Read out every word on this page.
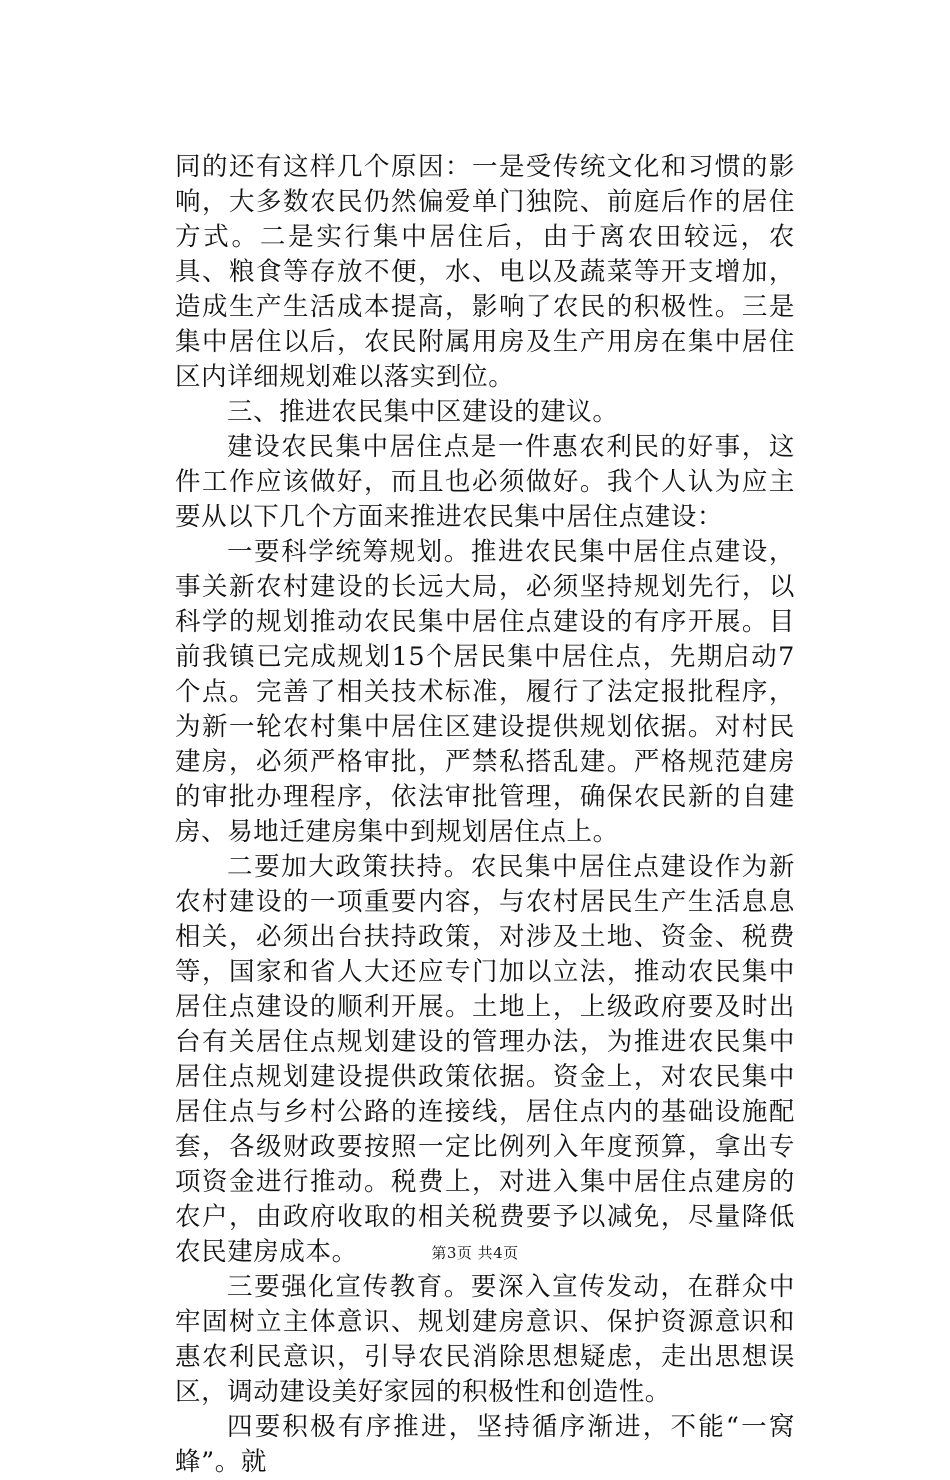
同的还有这样几个原因：一是受传统文化和习惯的影响，大多数农民仍然偏爱单门独院、前庭后作的居住方式。二是实行集中居住后，由于离农田较远，农具、粮食等存放不便，水、电以及蔬菜等开支增加，造成生产生活成本提高，影响了农民的积极性。三是集中居住以后，农民附属用房及生产用房在集中居住区内详细规划难以落实到位。

三、推进农民集中区建设的建议。

建设农民集中居住点是一件惠农利民的好事，这件工作应该做好，而且也必须做好。我个人认为应主要从以下几个方面来推进农民集中居住点建设：

一要科学统筹规划。推进农民集中居住点建设，事关新农村建设的长远大局，必须坚持规划先行，以科学的规划推动农民集中居住点建设的有序开展。目前我镇已完成规划15个居民集中居住点，先期启动7个点。完善了相关技术标准，履行了法定报批程序，为新一轮农村集中居住区建设提供规划依据。对村民建房，必须严格审批，严禁私搭乱建。严格规范建房的审批办理程序，依法审批管理，确保农民新的自建房、易地迁建房集中到规划居住点上。

二要加大政策扶持。农民集中居住点建设作为新农村建设的一项重要内容，与农村居民生产生活息息相关，必须出台扶持政策，对涉及土地、资金、税费等，国家和省人大还应专门加以立法，推动农民集中居住点建设的顺利开展。土地上，上级政府要及时出台有关居住点规划建设的管理办法，为推进农民集中居住点规划建设提供政策依据。资金上，对农民集中居住点与乡村公路的连接线，居住点内的基础设施配套，各级财政要按照一定比例列入年度预算，拿出专项资金进行推动。税费上，对进入集中居住点建房的农户，由政府收取的相关税费要予以减免，尽量降低农民建房成本。

三要强化宣传教育。要深入宣传发动，在群众中牢固树立主体意识、规划建房意识、保护资源意识和惠农利民意识，引导农民消除思想疑虑，走出思想误区，调动建设美好家园的积极性和创造性。

四要积极有序推进，坚持循序渐进，不能“一窝蜂”。就

第3页 共4页
